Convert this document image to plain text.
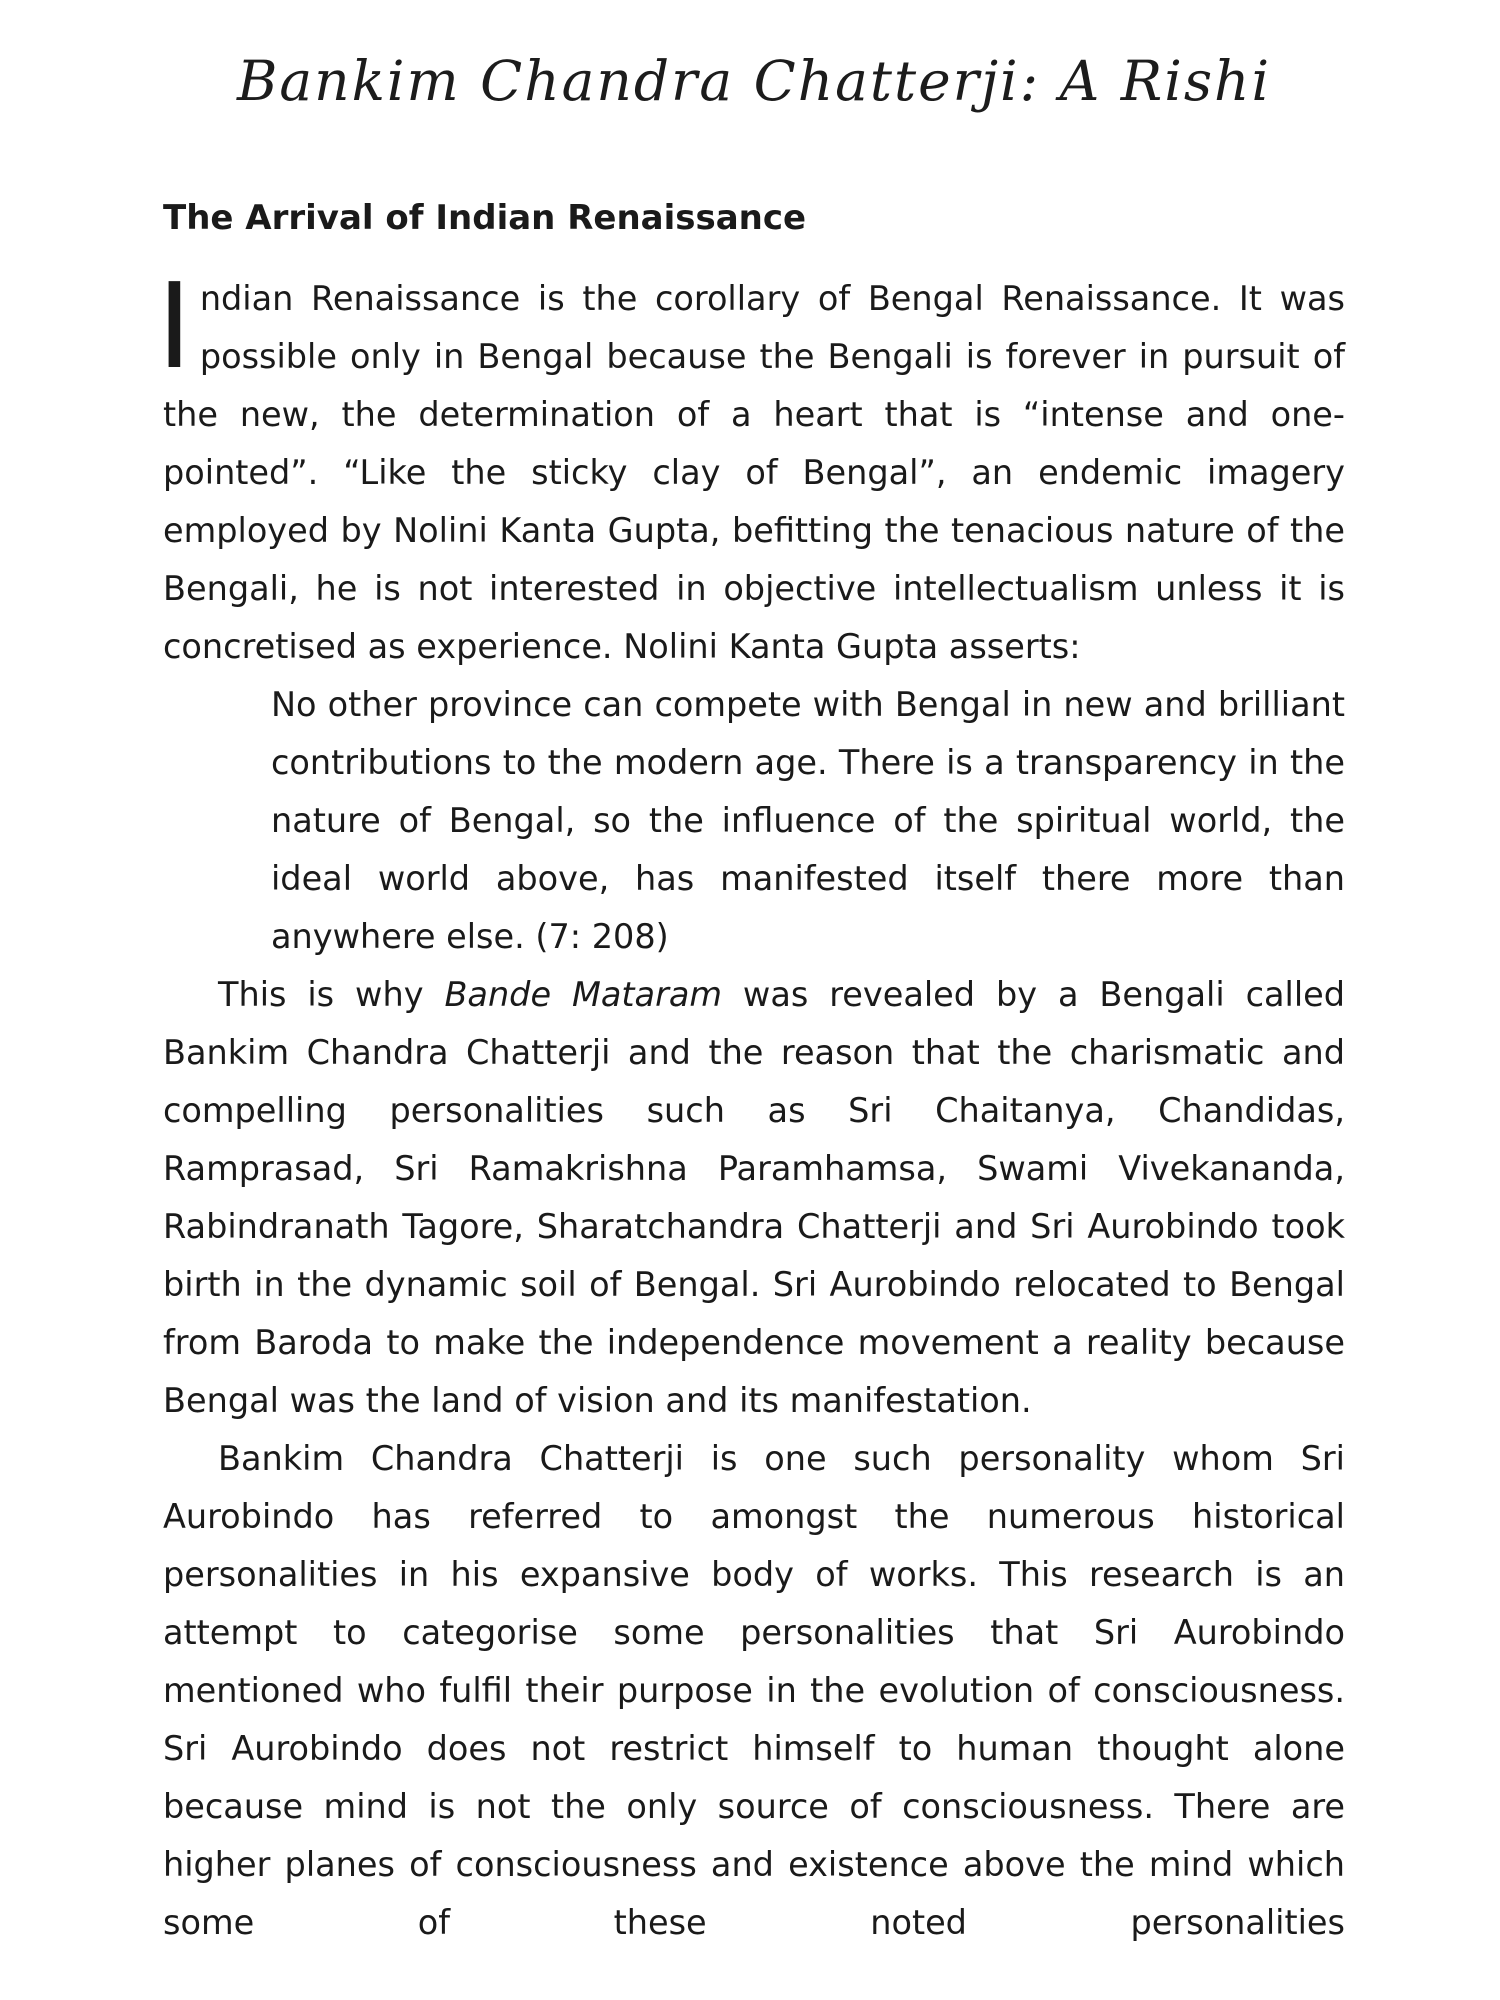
Bankim Chandra Chatterji: A Rishi
The Arrival of Indian Renaissance

Indian Renaissance is the corollary of Bengal Renaissance. It was possible only in Bengal because the Bengali is forever in pursuit of the new, the determination of a heart that is “intense and one-pointed”. “Like the sticky clay of Bengal”, an endemic imagery employed by Nolini Kanta Gupta, befitting the tenacious nature of the Bengali, he is not interested in objective intellectualism unless it is concretised as experience. Nolini Kanta Gupta asserts:

No other province can compete with Bengal in new and brilliant contributions to the modern age. There is a transparency in the nature of Bengal, so the influence of the spiritual world, the ideal world above, has manifested itself there more than anywhere else. (7: 208)

This is why Bande Mataram was revealed by a Bengali called Bankim Chandra Chatterji and the reason that the charismatic and compelling personalities such as Sri Chaitanya, Chandidas, Ramprasad, Sri Ramakrishna Paramhamsa, Swami Vivekananda, Rabindranath Tagore, Sharatchandra Chatterji and Sri Aurobindo took birth in the dynamic soil of Bengal. Sri Aurobindo relocated to Bengal from Baroda to make the independence movement a reality because Bengal was the land of vision and its manifestation.

Bankim Chandra Chatterji is one such personality whom Sri Aurobindo has referred to amongst the numerous historical personalities in his expansive body of works. This research is an attempt to categorise some personalities that Sri Aurobindo mentioned who fulfil their purpose in the evolution of consciousness. Sri Aurobindo does not restrict himself to human thought alone because mind is not the only source of consciousness. There are higher planes of consciousness and existence above the mind which some of these noted personalities
